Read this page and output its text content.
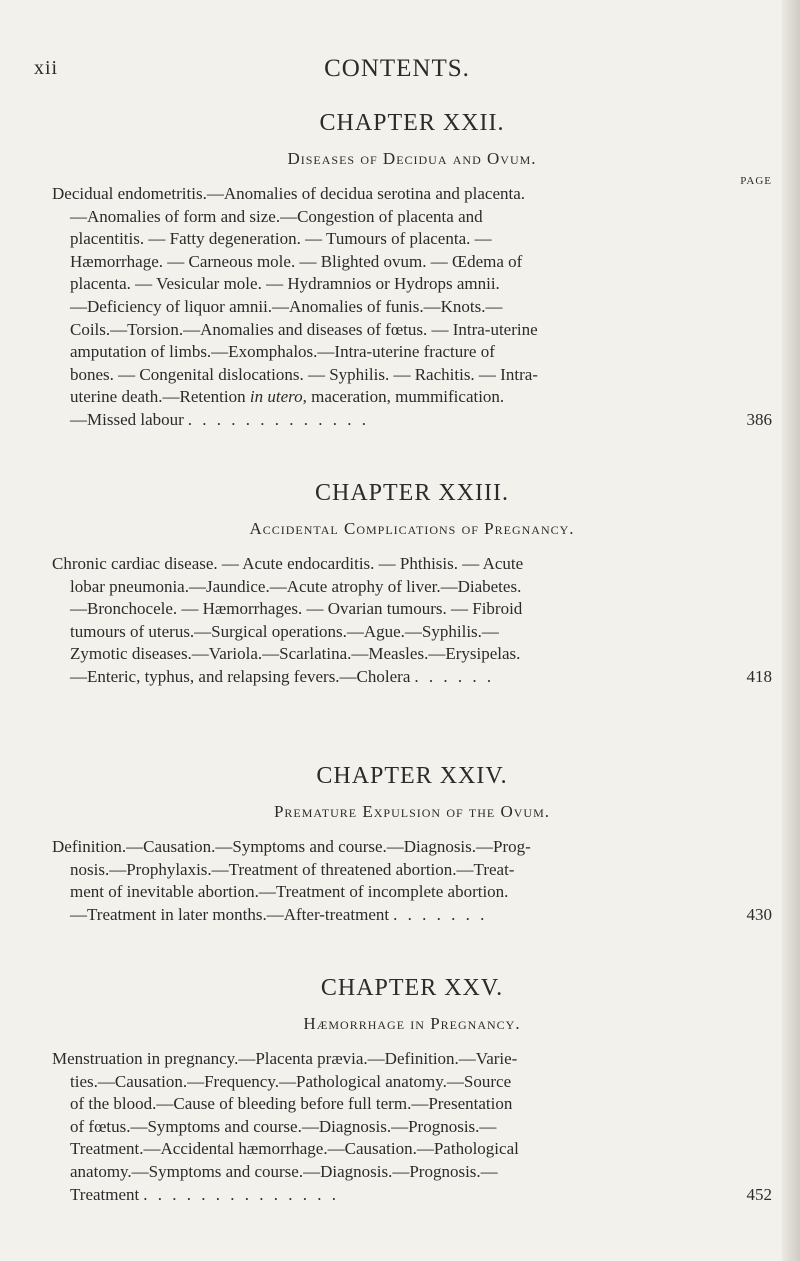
xii	CONTENTS.
CHAPTER XXII.
Diseases of Decidua and Ovum.
PAGE
Decidual endometritis.—Anomalies of decidua serotina and placenta.
—Anomalies of form and size.—Congestion of placenta and
placentitis. — Fatty degeneration. — Tumours of placenta. —
Hæmorrhage. — Carneous mole. — Blighted ovum. — Œdema of
placenta. — Vesicular mole. — Hydramnios or Hydrops amnii.
—Deficiency of liquor amnii.—Anomalies of funis.—Knots.—
Coils.—Torsion.—Anomalies and diseases of fœtus. — Intra-uterine
amputation of limbs.—Exomphalos.—Intra-uterine fracture of
bones. — Congenital dislocations. — Syphilis. — Rachitis. — Intra-
uterine death.—Retention in utero, maceration, mummification.
—Missed labour . . . . . . . . . . . . .	386
CHAPTER XXIII.
Accidental Complications of Pregnancy.
Chronic cardiac disease. — Acute endocarditis. — Phthisis. — Acute
lobar pneumonia.—Jaundice.—Acute atrophy of liver.—Diabetes.
—Bronchocele. — Hæmorrhages. — Ovarian tumours. — Fibroid
tumours of uterus.—Surgical operations.—Ague.—Syphilis.—
Zymotic diseases.—Variola.—Scarlatina.—Measles.—Erysipelas.
—Enteric, typhus, and relapsing fevers.—Cholera . . . . . .	418
CHAPTER XXIV.
Premature Expulsion of the Ovum.
Definition.—Causation.—Symptoms and course.—Diagnosis.—Prog-
nosis.—Prophylaxis.—Treatment of threatened abortion.—Treat-
ment of inevitable abortion.—Treatment of incomplete abortion.
—Treatment in later months.—After-treatment . . . . . . .	430
CHAPTER XXV.
Hæmorrhage in Pregnancy.
Menstruation in pregnancy.—Placenta prævia.—Definition.—Varie-
ties.—Causation.—Frequency.—Pathological anatomy.—Source
of the blood.—Cause of bleeding before full term.—Presentation
of fœtus.—Symptoms and course.—Diagnosis.—Prognosis.—
Treatment.—Accidental hæmorrhage.—Causation.—Pathological
anatomy.—Symptoms and course.—Diagnosis.—Prognosis.—
Treatment . . . . . . . . . . . . . .	452
